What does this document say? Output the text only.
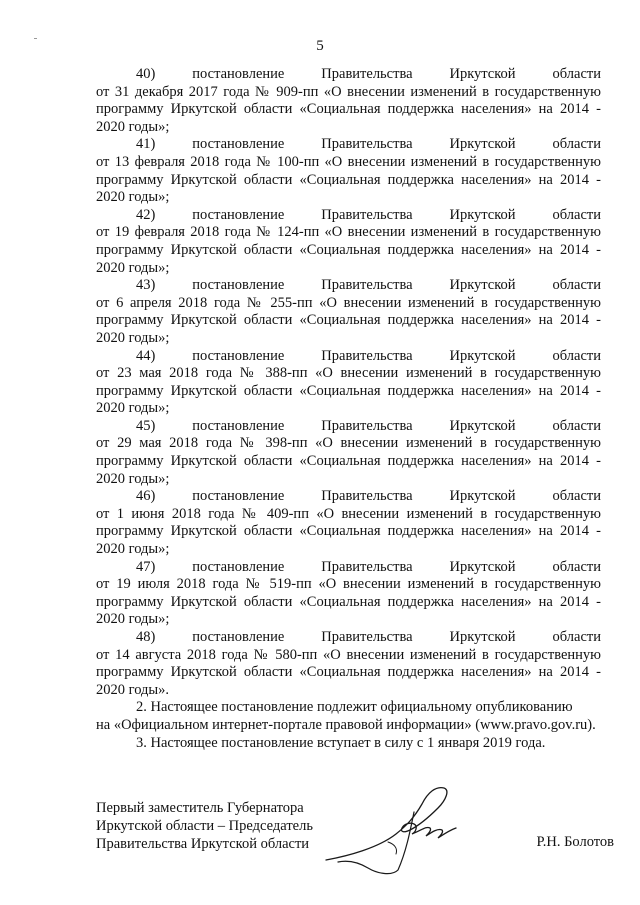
5
40)	постановление	Правительства	Иркутской	области
от 31 декабря 2017 года № 909-пп «О внесении изменений в государственную программу Иркутской области «Социальная поддержка населения» на 2014 - 2020 годы»;
41)	постановление	Правительства	Иркутской	области
от 13 февраля 2018 года № 100-пп «О внесении изменений в государственную программу Иркутской области «Социальная поддержка населения» на 2014 - 2020 годы»;
42)	постановление	Правительства	Иркутской	области
от 19 февраля 2018 года № 124-пп «О внесении изменений в государственную программу Иркутской области «Социальная поддержка населения» на 2014 - 2020 годы»;
43)	постановление	Правительства	Иркутской	области
от 6 апреля 2018 года № 255-пп «О внесении изменений в государственную программу Иркутской области «Социальная поддержка населения» на 2014 - 2020 годы»;
44)	постановление	Правительства	Иркутской	области
от 23 мая 2018 года № 388-пп «О внесении изменений в государственную программу Иркутской области «Социальная поддержка населения» на 2014 - 2020 годы»;
45)	постановление	Правительства	Иркутской	области
от 29 мая 2018 года № 398-пп «О внесении изменений в государственную программу Иркутской области «Социальная поддержка населения» на 2014 - 2020 годы»;
46)	постановление	Правительства	Иркутской	области
от 1 июня 2018 года № 409-пп «О внесении изменений в государственную программу Иркутской области «Социальная поддержка населения» на 2014 - 2020 годы»;
47)	постановление	Правительства	Иркутской	области
от 19 июля 2018 года № 519-пп «О внесении изменений в государственную программу Иркутской области «Социальная поддержка населения» на 2014 - 2020 годы»;
48)	постановление	Правительства	Иркутской	области
от 14 августа 2018 года № 580-пп «О внесении изменений в государственную программу Иркутской области «Социальная поддержка населения» на 2014 - 2020 годы».

2. Настоящее постановление подлежит официальному опубликованию

на «Официальном интернет-портале правовой информации» (www.pravo.gov.ru).

3. Настоящее постановление вступает в силу с 1 января 2019 года.

Первый заместитель Губернатора

Иркутской области – Председатель

Правительства Иркутской области	Р.Н. Болотов
